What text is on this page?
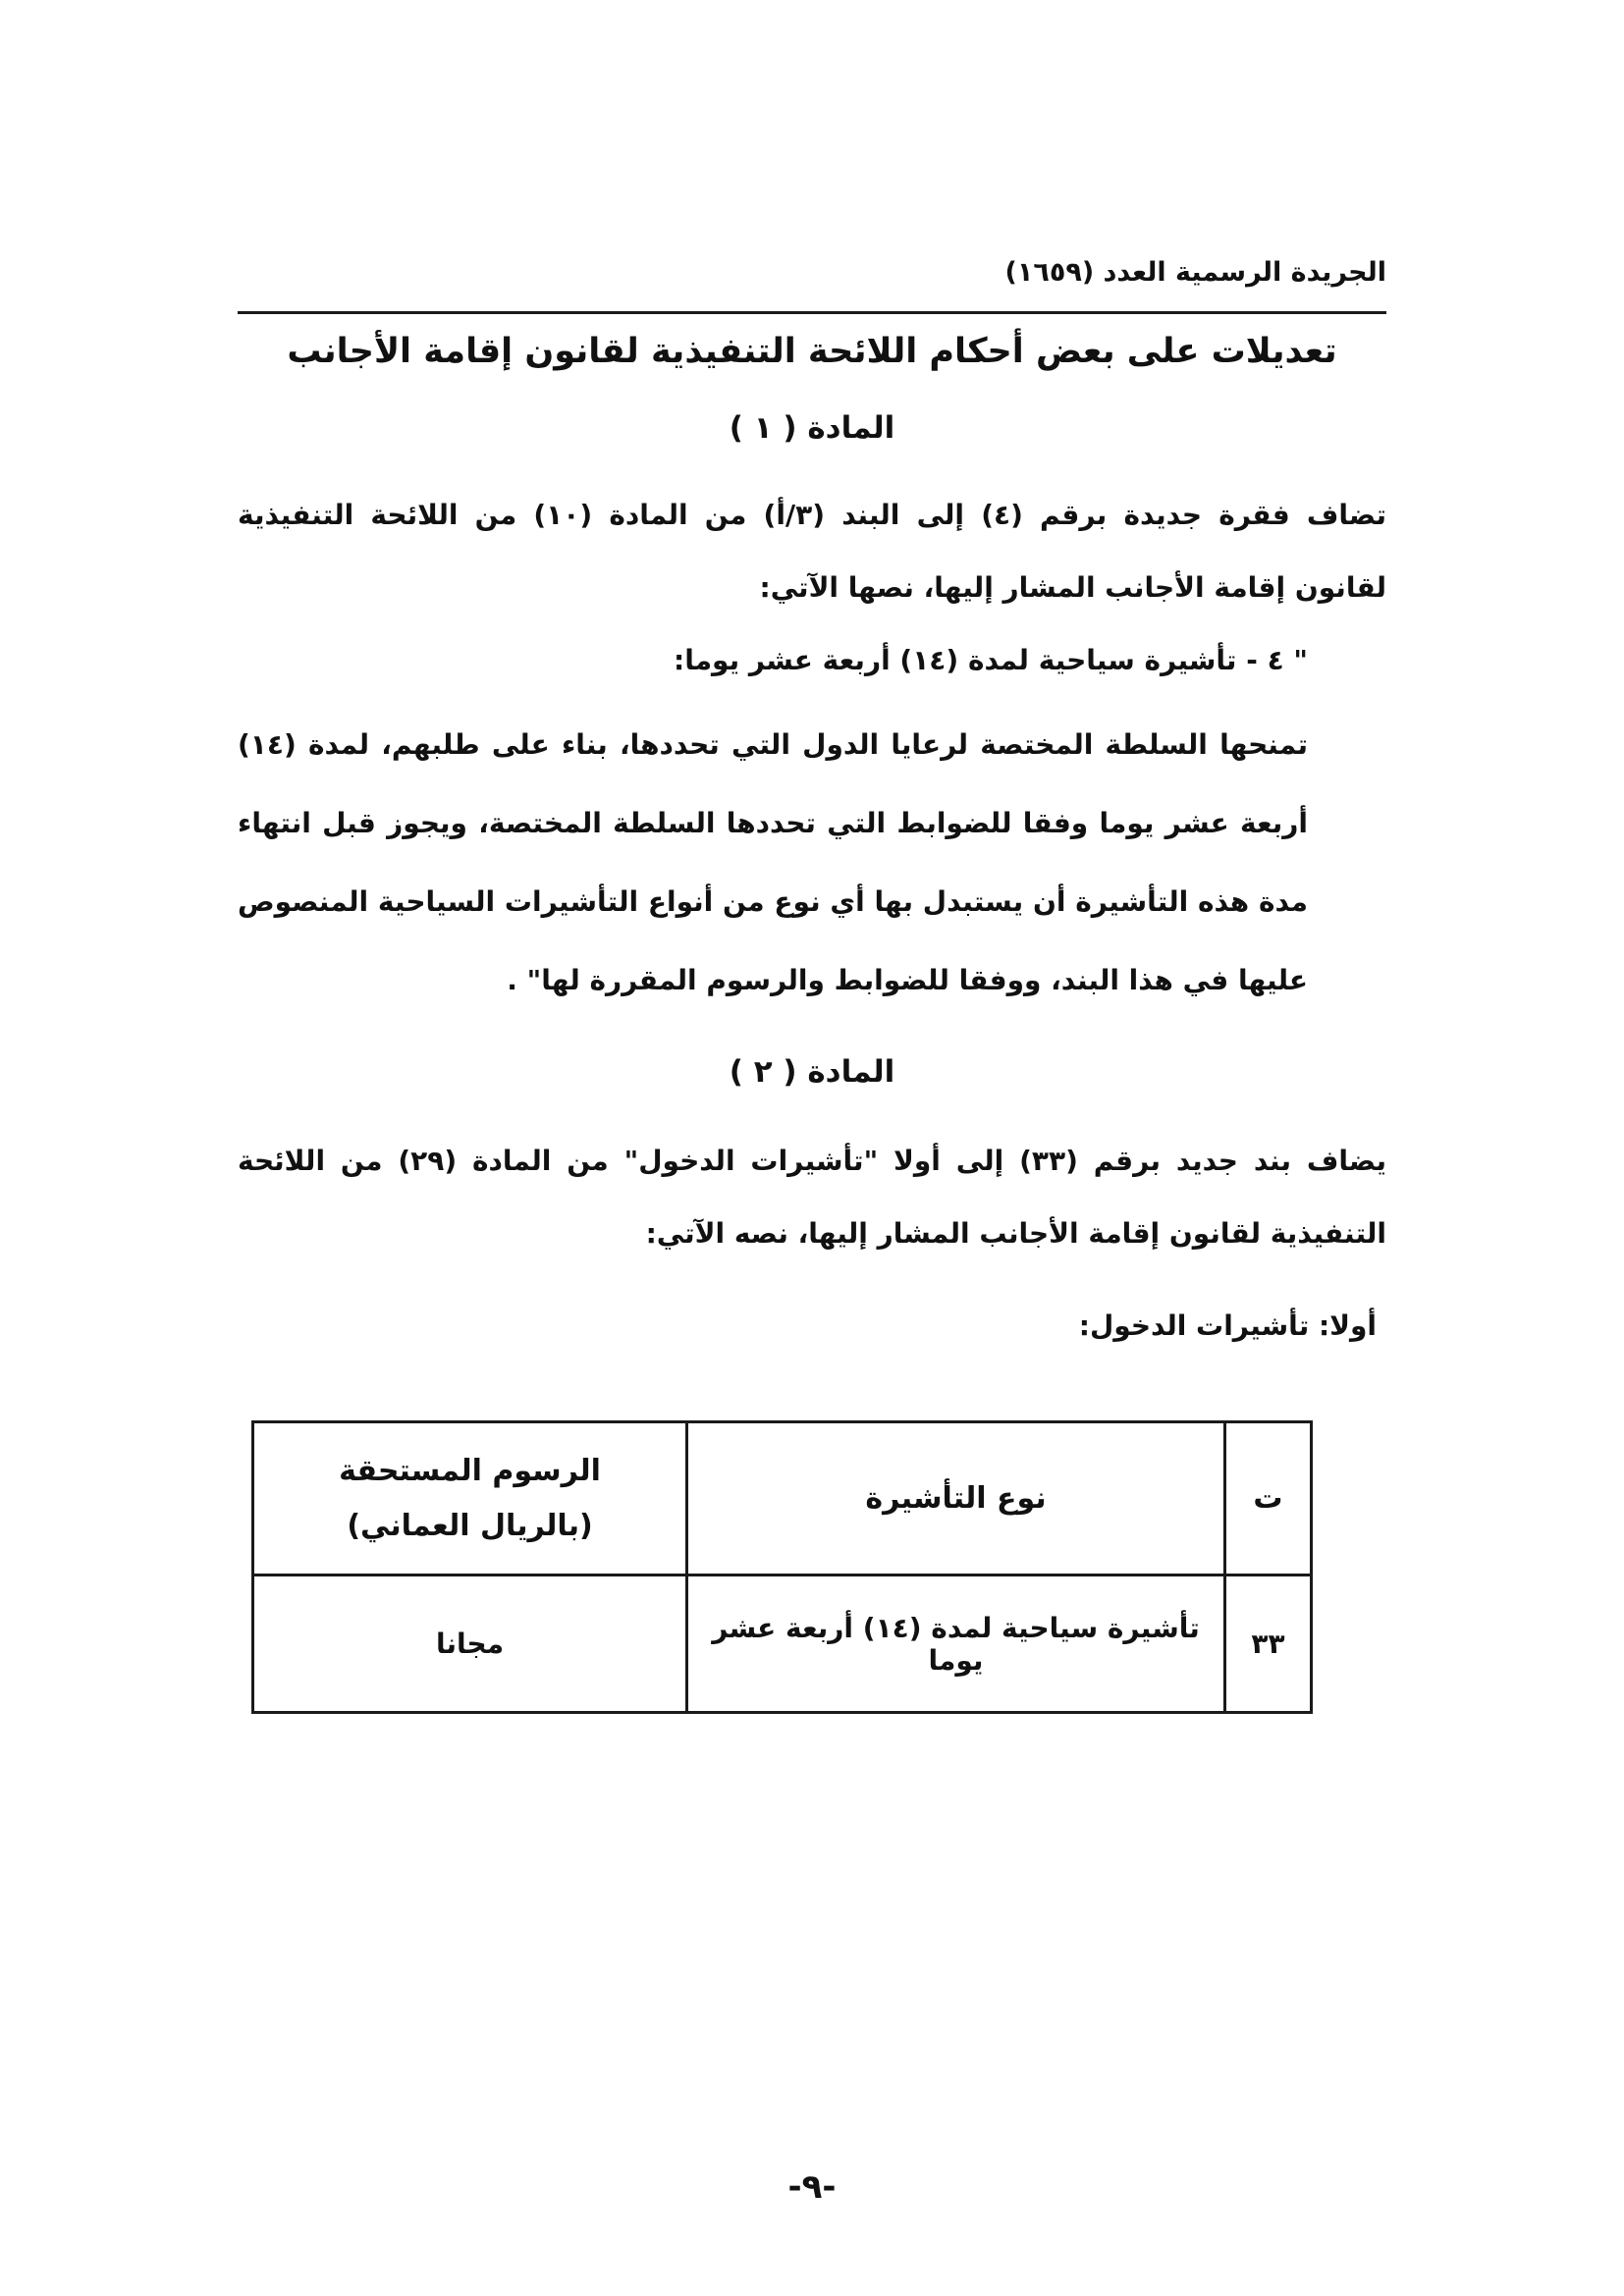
الجريدة الرسمية العدد (١٦٥٩)
تعديلات على بعض أحكام اللائحة التنفيذية لقانون إقامة الأجانب
المادة ( ١ )
تضاف فقرة جديدة برقم (٤) إلى البند (٣/أ) من المادة (١٠) من اللائحة التنفيذية
لقانون إقامة الأجانب المشار إليها، نصها الآتي:
" ٤ - تأشيرة سياحية لمدة (١٤) أربعة عشر يوما:
تمنحها السلطة المختصة لرعايا الدول التي تحددها، بناء على طلبهم، لمدة (١٤)
أربعة عشر يوما وفقا للضوابط التي تحددها السلطة المختصة، ويجوز قبل انتهاء
مدة هذه التأشيرة أن يستبدل بها أي نوع من أنواع التأشيرات السياحية المنصوص
عليها في هذا البند، ووفقا للضوابط والرسوم المقررة لها" .
المادة ( ٢ )
يضاف بند جديد برقم (٣٣) إلى أولا "تأشيرات الدخول" من المادة (٢٩) من اللائحة
التنفيذية لقانون إقامة الأجانب المشار إليها، نصه الآتي:
أولا: تأشيرات الدخول:
ت	نوع التأشيرة	الرسوم المستحقة
(بالريال العماني)

٣٣	تأشيرة سياحية لمدة (١٤) أربعة عشر يوما	مجانا
-٩-
